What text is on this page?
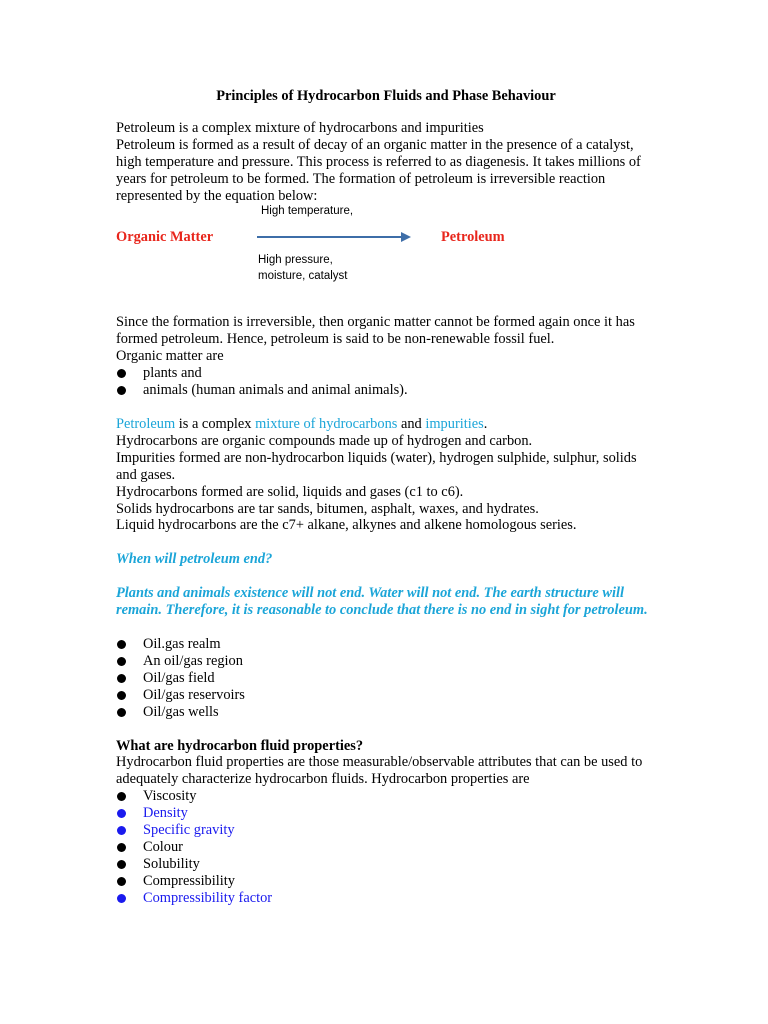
Principles of Hydrocarbon Fluids and Phase Behaviour

Petroleum is a complex mixture of hydrocarbons and impurities

Petroleum is formed as a result of decay of an organic matter in the presence of a catalyst, high temperature and pressure. This process is referred to as diagenesis. It takes millions of years for petroleum to be formed. The formation of petroleum is irreversible reaction represented by the equation below:

High temperature,
Organic Matter	Petroleum
High pressure, moisture, catalyst

Since the formation is irreversible, then organic matter cannot be formed again once it has formed petroleum. Hence, petroleum is said to be non-renewable fossil fuel.

Organic matter are

plants and
animals (human animals and animal animals).

Petroleum is a complex mixture of hydrocarbons and impurities.

Hydrocarbons are organic compounds made up of hydrogen and carbon.

Impurities formed are non-hydrocarbon liquids (water), hydrogen sulphide, sulphur, solids and gases.

Hydrocarbons formed are solid, liquids and gases (c1 to c6).

Solids hydrocarbons are tar sands, bitumen, asphalt, waxes, and hydrates.

Liquid hydrocarbons are the c7+ alkane, alkynes and alkene homologous series.

When will petroleum end?

Plants and animals existence will not end. Water will not end. The earth structure will remain. Therefore, it is reasonable to conclude that there is no end in sight for petroleum.

Oil.gas realm
An oil/gas region
Oil/gas field
Oil/gas reservoirs
Oil/gas wells

What are hydrocarbon fluid properties?

Hydrocarbon fluid properties are those measurable/observable attributes that can be used to adequately characterize hydrocarbon fluids. Hydrocarbon properties are

Viscosity
Density
Specific gravity
Colour
Solubility
Compressibility
Compressibility factor
